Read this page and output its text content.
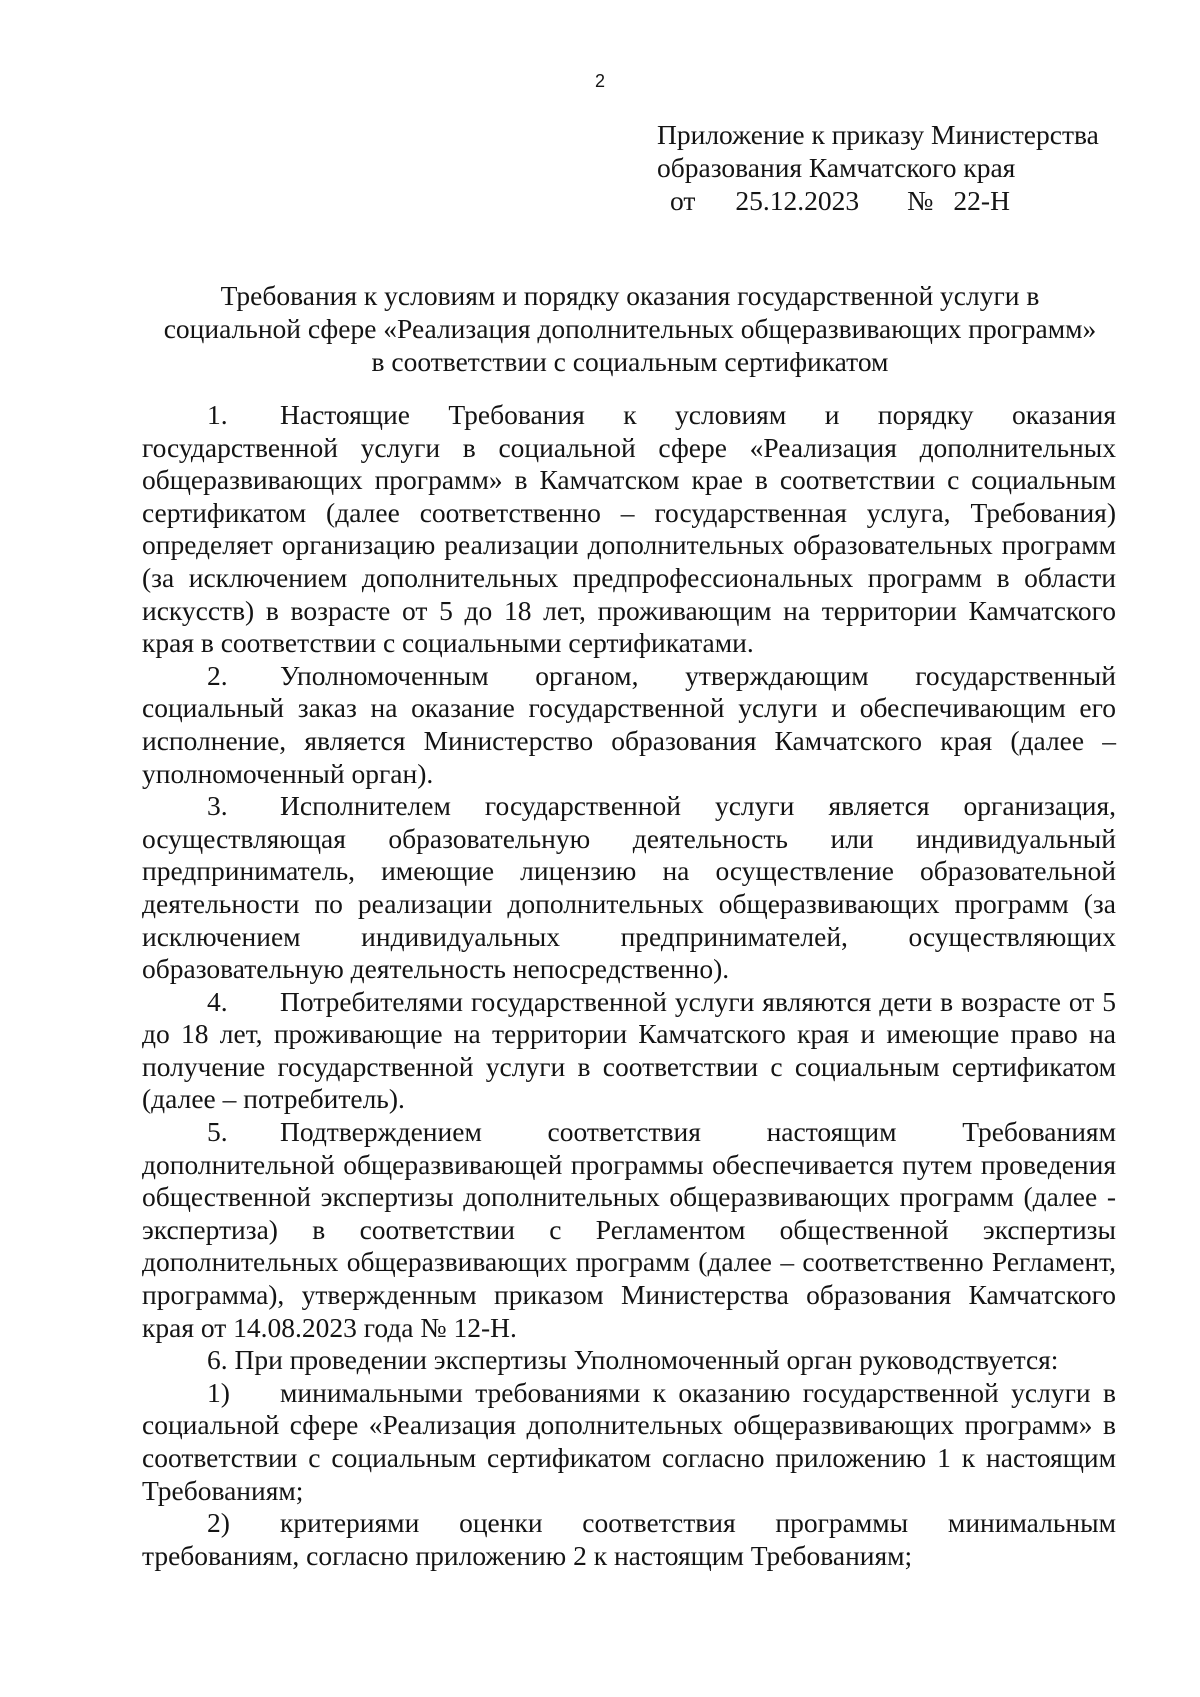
2
Приложение к приказу Министерства
образования Камчатского края
от 25.12.2023 № 22-Н
Требования к условиям и порядку оказания государственной услуги в
социальной сфере «Реализация дополнительных общеразвивающих программ»
в соответствии с социальным сертификатом

1. Настоящие Требования к условиям и порядку оказания государственной услуги в социальной сфере «Реализация дополнительных общеразвивающих программ» в Камчатском крае в соответствии с социальным сертификатом (далее соответственно – государственная услуга, Требования) определяет организацию реализации дополнительных образовательных программ (за исключением дополнительных предпрофессиональных программ в области искусств) в возрасте от 5 до 18 лет, проживающим на территории Камчатского края в соответствии с социальными сертификатами.

2. Уполномоченным органом, утверждающим государственный социальный заказ на оказание государственной услуги и обеспечивающим его исполнение, является Министерство образования Камчатского края (далее – уполномоченный орган).

3. Исполнителем государственной услуги является организация, осуществляющая образовательную деятельность или индивидуальный предприниматель, имеющие лицензию на осуществление образовательной деятельности по реализации дополнительных общеразвивающих программ (за исключением индивидуальных предпринимателей, осуществляющих образовательную деятельность непосредственно).

4. Потребителями государственной услуги являются дети в возрасте от 5 до 18 лет, проживающие на территории Камчатского края и имеющие право на получение государственной услуги в соответствии с социальным сертификатом (далее – потребитель).

5. Подтверждением соответствия настоящим Требованиям дополнительной общеразвивающей программы обеспечивается путем проведения общественной экспертизы дополнительных общеразвивающих программ (далее - экспертиза) в соответствии с Регламентом общественной экспертизы дополнительных общеразвивающих программ (далее – соответственно Регламент, программа), утвержденным приказом Министерства образования Камчатского края от 14.08.2023 года № 12-Н.

6. При проведении экспертизы Уполномоченный орган руководствуется:

1) минимальными требованиями к оказанию государственной услуги в социальной сфере «Реализация дополнительных общеразвивающих программ» в соответствии с социальным сертификатом согласно приложению 1 к настоящим Требованиям;

2) критериями оценки соответствия программы минимальным требованиям, согласно приложению 2 к настоящим Требованиям;
